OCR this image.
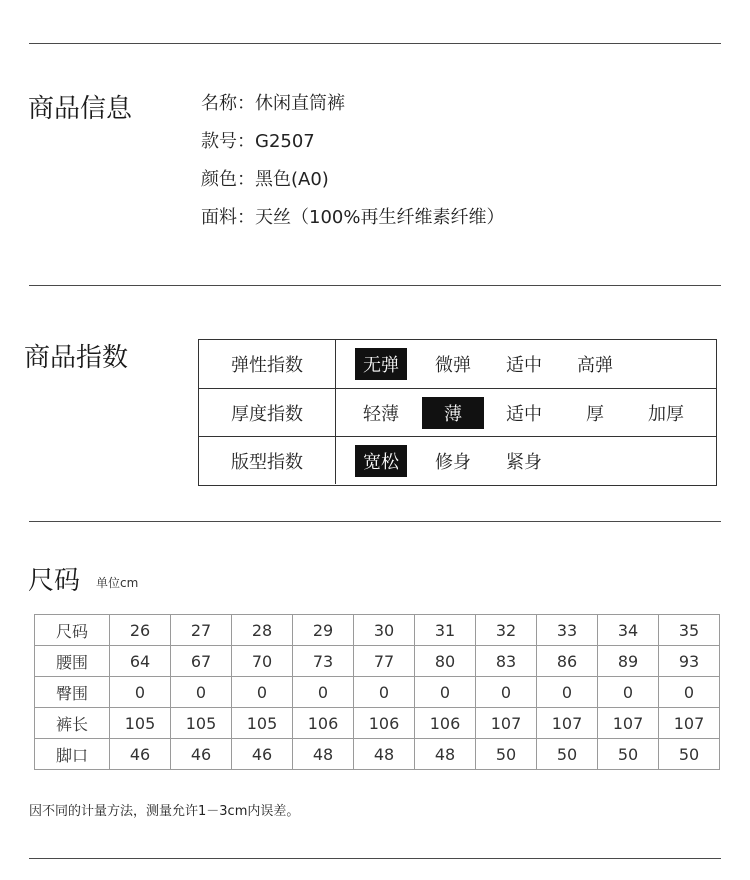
商品信息	名称：休闲直筒裤
款号：G2507
颜色：黑色(A0)
面料：天丝（100%再生纤维素纤维）
商品指数	弹性指数	无弹	微弹	适中	高弹
厚度指数	轻薄	薄	适中	厚	加厚
版型指数	宽松	修身	紧身
尺码 单位cm
尺码	26	27	28	29	30	31	32	33	34	35
腰围	64	67	70	73	77	80	83	86	89	93
臀围	0	0	0	0	0	0	0	0	0	0
裤长	105	105	105	106	106	106	107	107	107	107
脚口	46	46	46	48	48	48	50	50	50	50
因不同的计量方法，测量允许1－3cm内误差。
